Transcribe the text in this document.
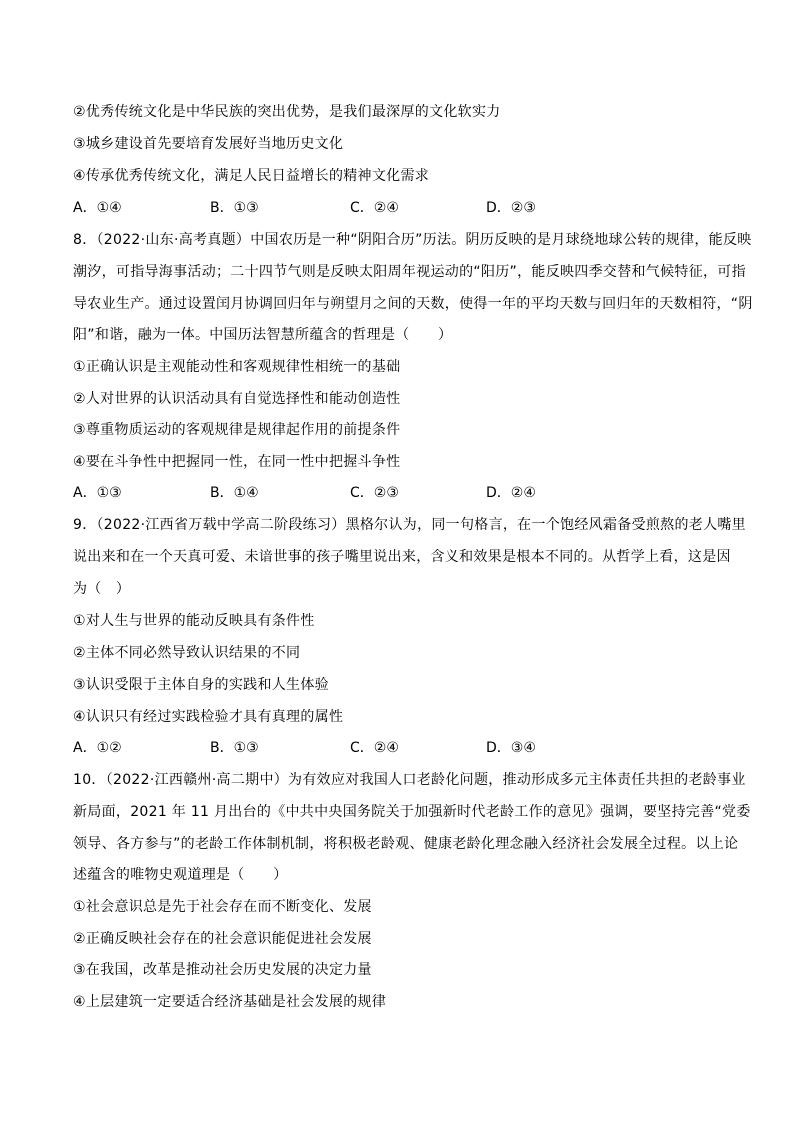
②优秀传统文化是中华民族的突出优势，是我们最深厚的文化软实力
③城乡建设首先要培育发展好当地历史文化
④传承优秀传统文化，满足人民日益增长的精神文化需求
A．①④	B．①③	C．②④	D．②③
8．（2022·山东·高考真题）中国农历是一种“阴阳合历”历法。阴历反映的是月球绕地球公转的规律，能反映
潮汐，可指导海事活动；二十四节气则是反映太阳周年视运动的“阳历”，能反映四季交替和气候特征，可指
导农业生产。通过设置闰月协调回归年与朔望月之间的天数，使得一年的平均天数与回归年的天数相符，“阴
阳”和谐，融为一体。中国历法智慧所蕴含的哲理是（　　）
①正确认识是主观能动性和客观规律性相统一的基础
②人对世界的认识活动具有自觉选择性和能动创造性
③尊重物质运动的客观规律是规律起作用的前提条件
④要在斗争性中把握同一性，在同一性中把握斗争性
A．①③	B．①④	C．②③	D．②④
9．（2022·江西省万载中学高二阶段练习）黑格尔认为，同一句格言，在一个饱经风霜备受煎熬的老人嘴里
说出来和在一个天真可爱、未谙世事的孩子嘴里说出来，含义和效果是根本不同的。从哲学上看，这是因
为（　）
①对人生与世界的能动反映具有条件性
②主体不同必然导致认识结果的不同
③认识受限于主体自身的实践和人生体验
④认识只有经过实践检验才具有真理的属性
A．①②	B．①③	C．②④	D．③④
10．（2022·江西赣州·高二期中）为有效应对我国人口老龄化问题，推动形成多元主体责任共担的老龄事业
新局面，2021 年 11 月出台的《中共中央国务院关于加强新时代老龄工作的意见》强调，要坚持完善“党委
领导、各方参与”的老龄工作体制机制，将积极老龄观、健康老龄化理念融入经济社会发展全过程。以上论
述蕴含的唯物史观道理是（　　）
①社会意识总是先于社会存在而不断变化、发展
②正确反映社会存在的社会意识能促进社会发展
③在我国，改革是推动社会历史发展的决定力量
④上层建筑一定要适合经济基础是社会发展的规律
